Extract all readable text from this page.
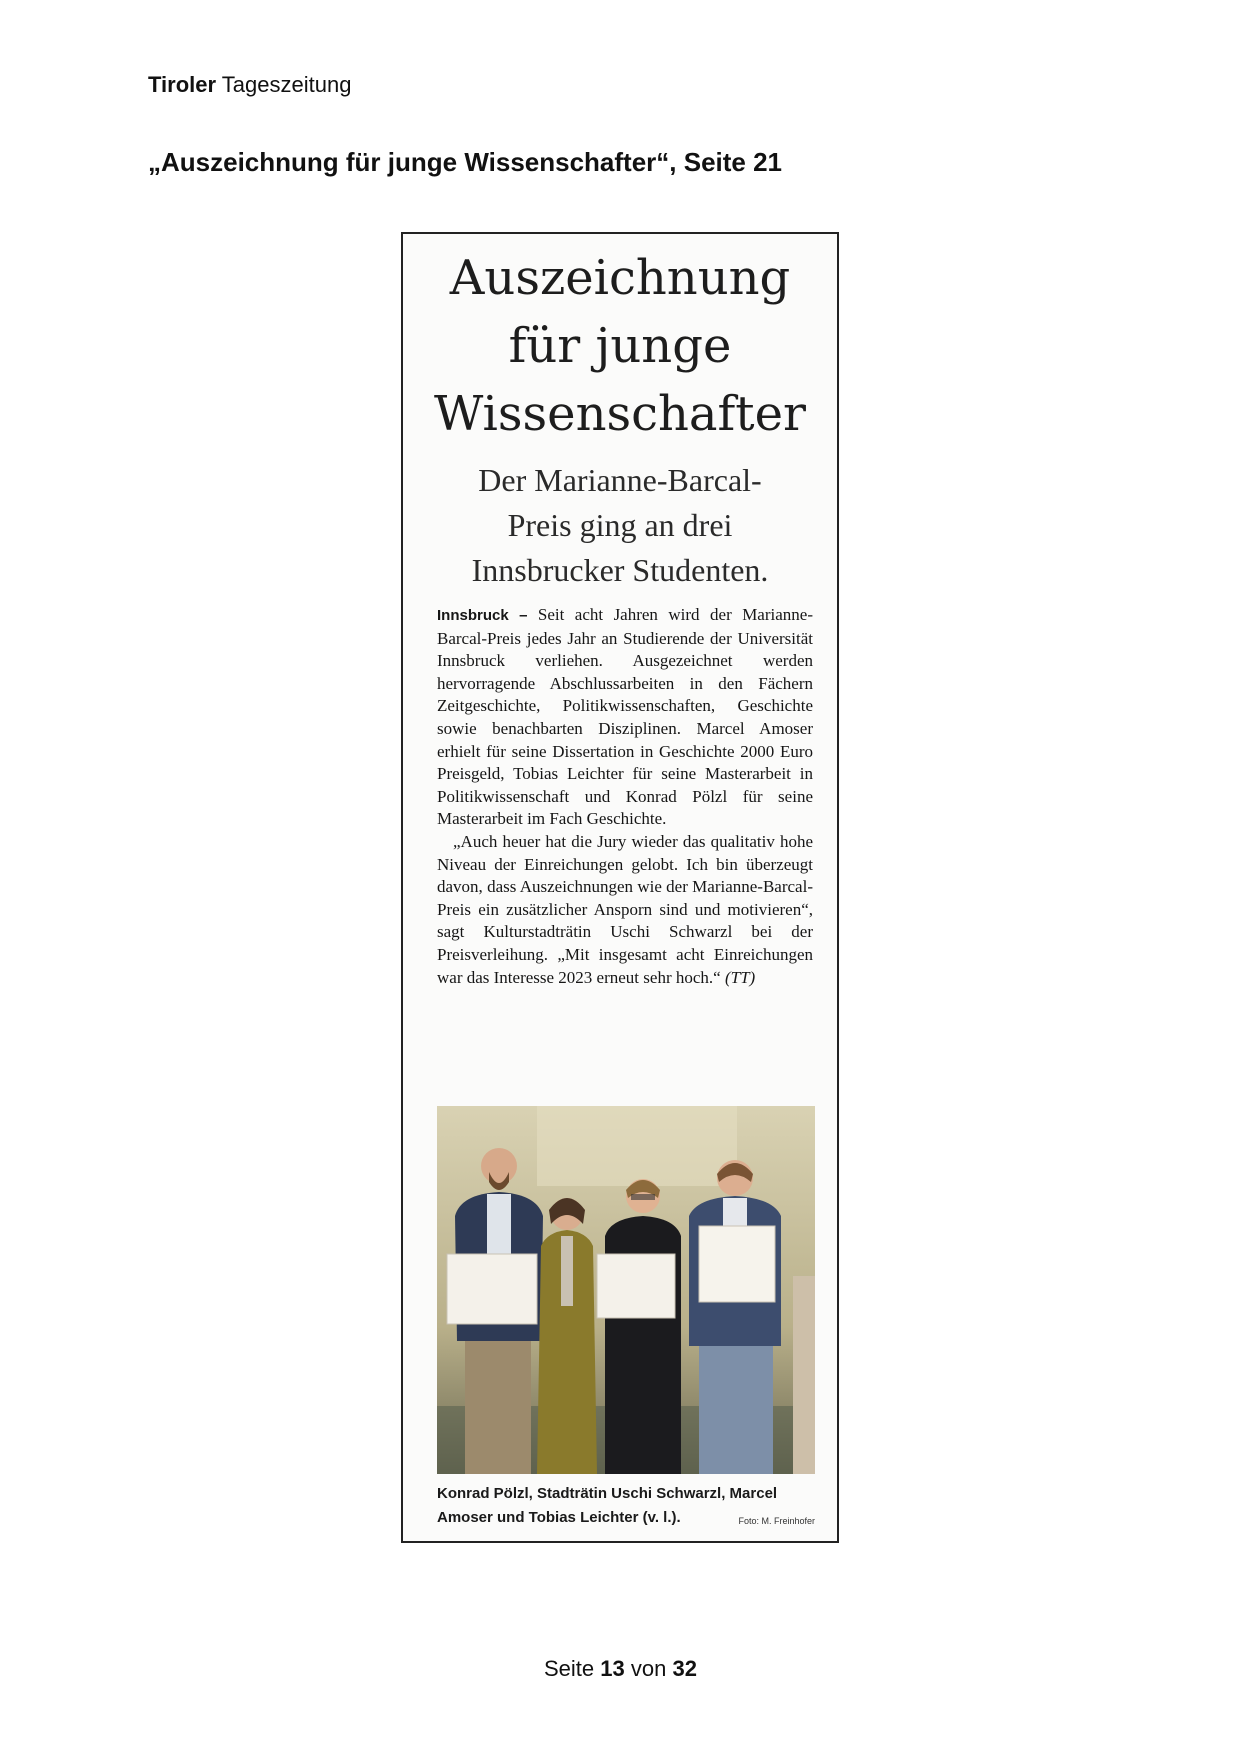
Tiroler Tageszeitung
„Auszeichnung für junge Wissenschafter“, Seite 21
Auszeichnung
für junge
Wissenschafter
Der Marianne-Barcal-
Preis ging an drei
Innsbrucker Studenten.

Innsbruck – Seit acht Jahren wird der Marianne-Barcal-Preis jedes Jahr an Studierende der Universität Innsbruck verliehen. Ausgezeichnet werden hervorragende Abschlussarbeiten in den Fächern Zeitgeschichte, Politikwissenschaften, Geschichte sowie benachbarten Disziplinen. Marcel Amoser erhielt für seine Dissertation in Geschichte 2000 Euro Preisgeld, Tobias Leichter für seine Masterarbeit in Politikwissenschaft und Konrad Pölzl für seine Masterarbeit im Fach Geschichte.

„Auch heuer hat die Jury wieder das qualitativ hohe Niveau der Einreichungen gelobt. Ich bin überzeugt davon, dass Auszeichnungen wie der Marianne-Barcal-Preis ein zusätzlicher Ansporn sind und motivieren“, sagt Kulturstadträtin Uschi Schwarzl bei der Preisverleihung. „Mit insgesamt acht Einreichungen war das Interesse 2023 erneut sehr hoch.“ (TT)

Konrad Pölzl, Stadträtin Uschi Schwarzl, Marcel Amoser und Tobias Leichter (v. l.).	Foto: M. Freinhofer
Seite 13 von 32
